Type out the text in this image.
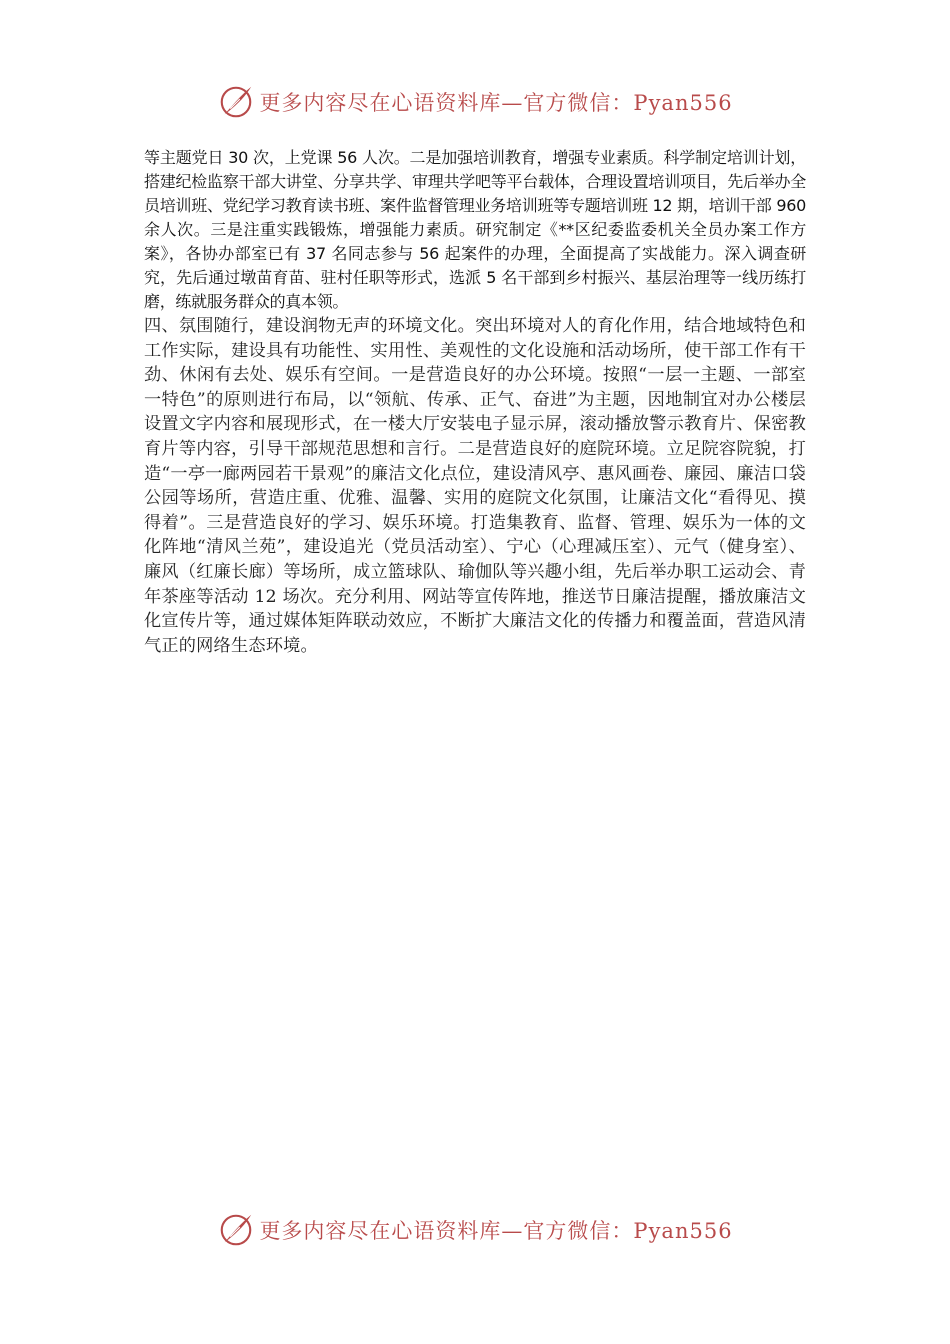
更多内容尽在心语资料库—官方微信：Pyan556

等主题党日 30 次，上党课 56 人次。二是加强培训教育，增强专业素质。科学制定培训计划，搭建纪检监察干部大讲堂、分享共学、审理共学吧等平台载体，合理设置培训项目，先后举办全员培训班、党纪学习教育读书班、案件监督管理业务培训班等专题培训班 12 期，培训干部 960 余人次。三是注重实践锻炼，增强能力素质。研究制定《**区纪委监委机关全员办案工作方案》，各协办部室已有 37 名同志参与 56 起案件的办理，全面提高了实战能力。深入调查研究，先后通过墩苗育苗、驻村任职等形式，选派 5 名干部到乡村振兴、基层治理等一线历练打磨，练就服务群众的真本领。

四、氛围随行，建设润物无声的环境文化。突出环境对人的育化作用，结合地域特色和工作实际，建设具有功能性、实用性、美观性的文化设施和活动场所，使干部工作有干劲、休闲有去处、娱乐有空间。一是营造良好的办公环境。按照“一层一主题、一部室一特色”的原则进行布局，以“领航、传承、正气、奋进”为主题，因地制宜对办公楼层设置文字内容和展现形式，在一楼大厅安装电子显示屏，滚动播放警示教育片、保密教育片等内容，引导干部规范思想和言行。二是营造良好的庭院环境。立足院容院貌，打造“一亭一廊两园若干景观”的廉洁文化点位，建设清风亭、惠风画卷、廉园、廉洁口袋公园等场所，营造庄重、优雅、温馨、实用的庭院文化氛围，让廉洁文化“看得见、摸得着”。三是营造良好的学习、娱乐环境。打造集教育、监督、管理、娱乐为一体的文化阵地“清风兰苑”，建设追光（党员活动室）、宁心（心理减压室）、元气（健身室）、廉风（红廉长廊）等场所，成立篮球队、瑜伽队等兴趣小组，先后举办职工运动会、青年茶座等活动 12 场次。充分利用、网站等宣传阵地，推送节日廉洁提醒，播放廉洁文化宣传片等，通过媒体矩阵联动效应，不断扩大廉洁文化的传播力和覆盖面，营造风清气正的网络生态环境。

更多内容尽在心语资料库—官方微信：Pyan556
